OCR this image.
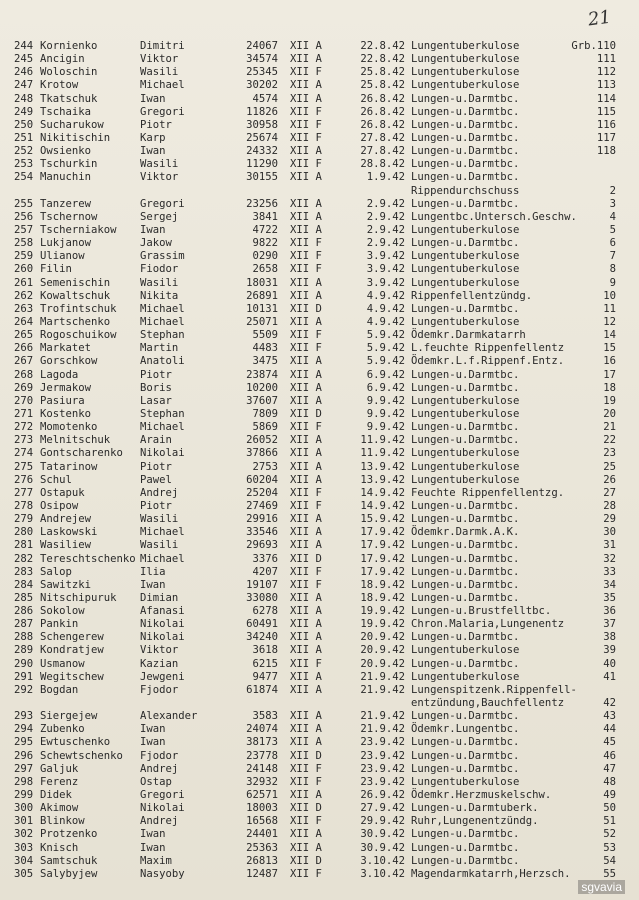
21
244 Kornienko	Dimitri	24067 XII A	22.8.42 Lungentuberkulose	Grb.110
245 Ancigin	Viktor	34574 XII A	22.8.42 Lungentuberkulose	111
246 Woloschin	Wasili	25345 XII F	25.8.42 Lungentuberkulose	112
247 Krotow	Michael	30202 XII A	25.8.42 Lungentuberkulose	113
248 Tkatschuk	Iwan	4574 XII A	26.8.42 Lungen-u.Darmtbc.	114
249 Tschaika	Gregori	11826 XII F	26.8.42 Lungen-u.Darmtbc.	115
250 Sucharukow	Piotr	30958 XII F	26.8.42 Lungen-u.Darmtbc.	116
251 Nikitischin	Karp	25674 XII F	27.8.42 Lungen-u.Darmtbc.	117
252 Owsienko	Iwan	24332 XII A	27.8.42 Lungen-u.Darmtbc.	118
253 Tschurkin	Wasili	11290 XII F	28.8.42 Lungen-u.Darmtbc.
254 Manuchin	Viktor	30155 XII A	1.9.42 Lungen-u.Darmtbc.
Rippendurchschuss	2
255 Tanzerew	Gregori	23256 XII A	2.9.42 Lungen-u.Darmtbc.	3
256 Tschernow	Sergej	3841 XII A	2.9.42 Lungentbc.Untersch.Geschw.	4
257 Tscherniakow Iwan	4722 XII A	2.9.42 Lungentuberkulose	5
258 Lukjanow	Jakow	9822 XII F	2.9.42 Lungen-u.Darmtbc.	6
259 Ulianow	Grassim	0290 XII F	3.9.42 Lungentuberkulose	7
260 Filin	Fiodor	2658 XII F	3.9.42 Lungentuberkulose	8
261 Semenischin	Wasili	18031 XII A	3.9.42 Lungentuberkulose	9
262 Kowaltschuk	Nikita	26891 XII A	4.9.42 Rippenfellentzündg.	10
263 Trofintschuk Michael	10131 XII D	4.9.42 Lungen-u.Darmtbc.	11
264 Martschenko	Michael	25071 XII A	4.9.42 Lungentuberkulose	12
265 Rogoschuikow Stephan	5509 XII F	5.9.42 Ödemkr.Darmkatarrh	14
266 Markatet	Martin	4483 XII F	5.9.42 L.feuchte Rippenfellentz	15
267 Gorschkow	Anatoli	3475 XII A	5.9.42 Ödemkr.L.f.Rippenf.Entz.	16
268 Lagoda	Piotr	23874 XII A	6.9.42 Lungen-u.Darmtbc.	17
269 Jermakow	Boris	10200 XII A	6.9.42 Lungen-u.Darmtbc.	18
270 Pasiura	Lasar	37607 XII A	9.9.42 Lungentuberkulose	19
271 Kostenko	Stephan	7809 XII D	9.9.42 Lungentuberkulose	20
272 Momotenko	Michael	5869 XII F	9.9.42 Lungen-u.Darmtbc.	21
273 Melnitschuk	Arain	26052 XII A	11.9.42 Lungen-u.Darmtbc.	22
274 Gontscharenko Nikolai	37866 XII A	11.9.42 Lungentuberkulose	23
275 Tatarinow	Piotr	2753 XII A	13.9.42 Lungentuberkulose	25
276 Schul	Pawel	60204 XII A	13.9.42 Lungentuberkulose	26
277 Ostapuk	Andrej	25204 XII F	14.9.42 Feuchte Rippenfellentzg.	27
278 Osipow	Piotr	27469 XII F	14.9.42 Lungen-u.Darmtbc.	28
279 Andrejew	Wasili	29916 XII A	15.9.42 Lungen-u.Darmtbc.	29
280 Laskowski	Michael	33546 XII A	17.9.42 Ödemkr.Darmk.A.K.	30
281 Wasiliew	Wasili	29693 XII A	17.9.42 Lungen-u.Darmtbc.	31
282 Tereschtschenko Michael	3376 XII D	17.9.42 Lungen-u.Darmtbc.	32
283 Salop	Ilia	4207 XII F	17.9.42 Lungen-u.Darmtbc.	33
284 Sawitzki	Iwan	19107 XII F	18.9.42 Lungen-u.Darmtbc.	34
285 Nitschipuruk Dimian	33080 XII A	18.9.42 Lungen-u.Darmtbc.	35
286 Sokolow	Afanasi	6278 XII A	19.9.42 Lungen-u.Brustfelltbc.	36
287 Pankin	Nikolai	60491 XII A	19.9.42 Chron.Malaria,Lungenentz	37
288 Schengerew	Nikolai	34240 XII A	20.9.42 Lungen-u.Darmtbc.	38
289 Kondratjew	Viktor	3618 XII A	20.9.42 Lungentuberkulose	39
290 Usmanow	Kazian	6215 XII F	20.9.42 Lungen-u.Darmtbc.	40
291 Wegitschew	Jewgeni	9477 XII A	21.9.42 Lungentuberkulose	41
292 Bogdan	Fjodor	61874 XII A	21.9.42 Lungenspitzenk.Rippenfell-
entzündung,Bauchfellentz	42
293 Siergejew	Alexander	3583 XII A	21.9.42 Lungen-u.Darmtbc.	43
294 Zubenko	Iwan	24074 XII A	21.9.42 Ödemkr.Lungentbc.	44
295 Ewtuschenko	Iwan	38173 XII A	23.9.42 Lungen-u.Darmtbc.	45
296 Schewtschenko Fjodor	23778 XII D	23.9.42 Lungen-u.Darmtbc.	46
297 Galjuk	Andrej	24148 XII F	23.9.42 Lungen-u.Darmtbc.	47
298 Ferenz	Ostap	32932 XII F	23.9.42 Lungentuberkulose	48
299 Didek	Gregori	62571 XII A	26.9.42 Ödemkr.Herzmuskelschw.	49
300 Akimow	Nikolai	18003 XII D	27.9.42 Lungen-u.Darmtuberk.	50
301 Blinkow	Andrej	16568 XII F	29.9.42 Ruhr,Lungenentzündg.	51
302 Protzenko	Iwan	24401 XII A	30.9.42 Lungen-u.Darmtbc.	52
303 Knisch	Iwan	25363 XII A	30.9.42 Lungen-u.Darmtbc.	53
304 Samtschuk	Maxim	26813 XII D	3.10.42 Lungen-u.Darmtbc.	54
305 Salybyjew	Nasyoby	12487 XII F	3.10.42 Magendarmkatarrh,Herzsch.	55
sgvavia
